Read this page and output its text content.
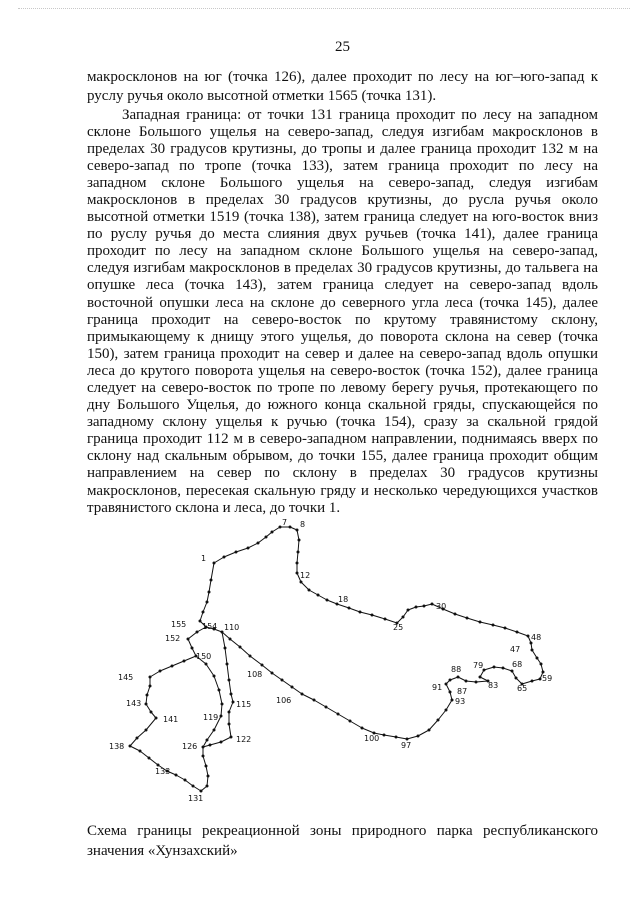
25
макросклонов на юг (точка 126), далее проходит по лесу на юг–юго-запад к
руслу ручья около высотной отметки 1565 (точка 131).
Западная граница: от точки 131 граница проходит по лесу на западном
склоне Большого ущелья на северо-запад, следуя изгибам макросклонов в
пределах 30 градусов крутизны, до тропы и далее граница проходит 132 м на
северо-запад по тропе (точка 133), затем граница проходит по лесу на
западном склоне Большого ущелья на северо-запад, следуя изгибам
макросклонов в пределах 30 градусов крутизны, до русла ручья около
высотной отметки 1519 (точка 138), затем граница следует на юго-восток вниз
по руслу ручья до места слияния двух ручьев (точка 141), далее граница
проходит по лесу на западном склоне Большого ущелья на северо-запад,
следуя изгибам макросклонов в пределах 30 градусов крутизны, до тальвега на
опушке леса (точка 143), затем граница следует на северо-запад вдоль
восточной опушки леса на склоне до северного угла леса (точка 145), далее
граница проходит на северо-восток по крутому травянистому склону,
примыкающему к днищу этого ущелья, до поворота склона на север (точка
150), затем граница проходит на север и далее на северо-запад вдоль опушки
леса до крутого поворота ущелья на северо-восток (точка 152), далее граница
следует на северо-восток по тропе по левому берегу ручья, протекающего по
дну Большого Ущелья, до южного конца скальной гряды, спускающейся по
западному склону ущелья к ручью (точка 154), сразу за скальной грядой
граница проходит 112 м в северо-западном направлении, поднимаясь вверх по
склону над скальным обрывом, до точки 155, далее граница проходит общим
направлением на север по склону в пределах 30 градусов крутизны
макросклонов, пересекая скальную гряду и несколько чередующихся участков
травянистого склона и леса, до точки 1.
1
7 8
12
18
25
30
48
47
59
65
68
79
83
87
88
91
93
97
100
106
108
110
115
122
119
126
131
133
138
141
143
145
150
152
154
155
Схема границы рекреационной зоны природного парка республиканского
значения «Хунзахский»
